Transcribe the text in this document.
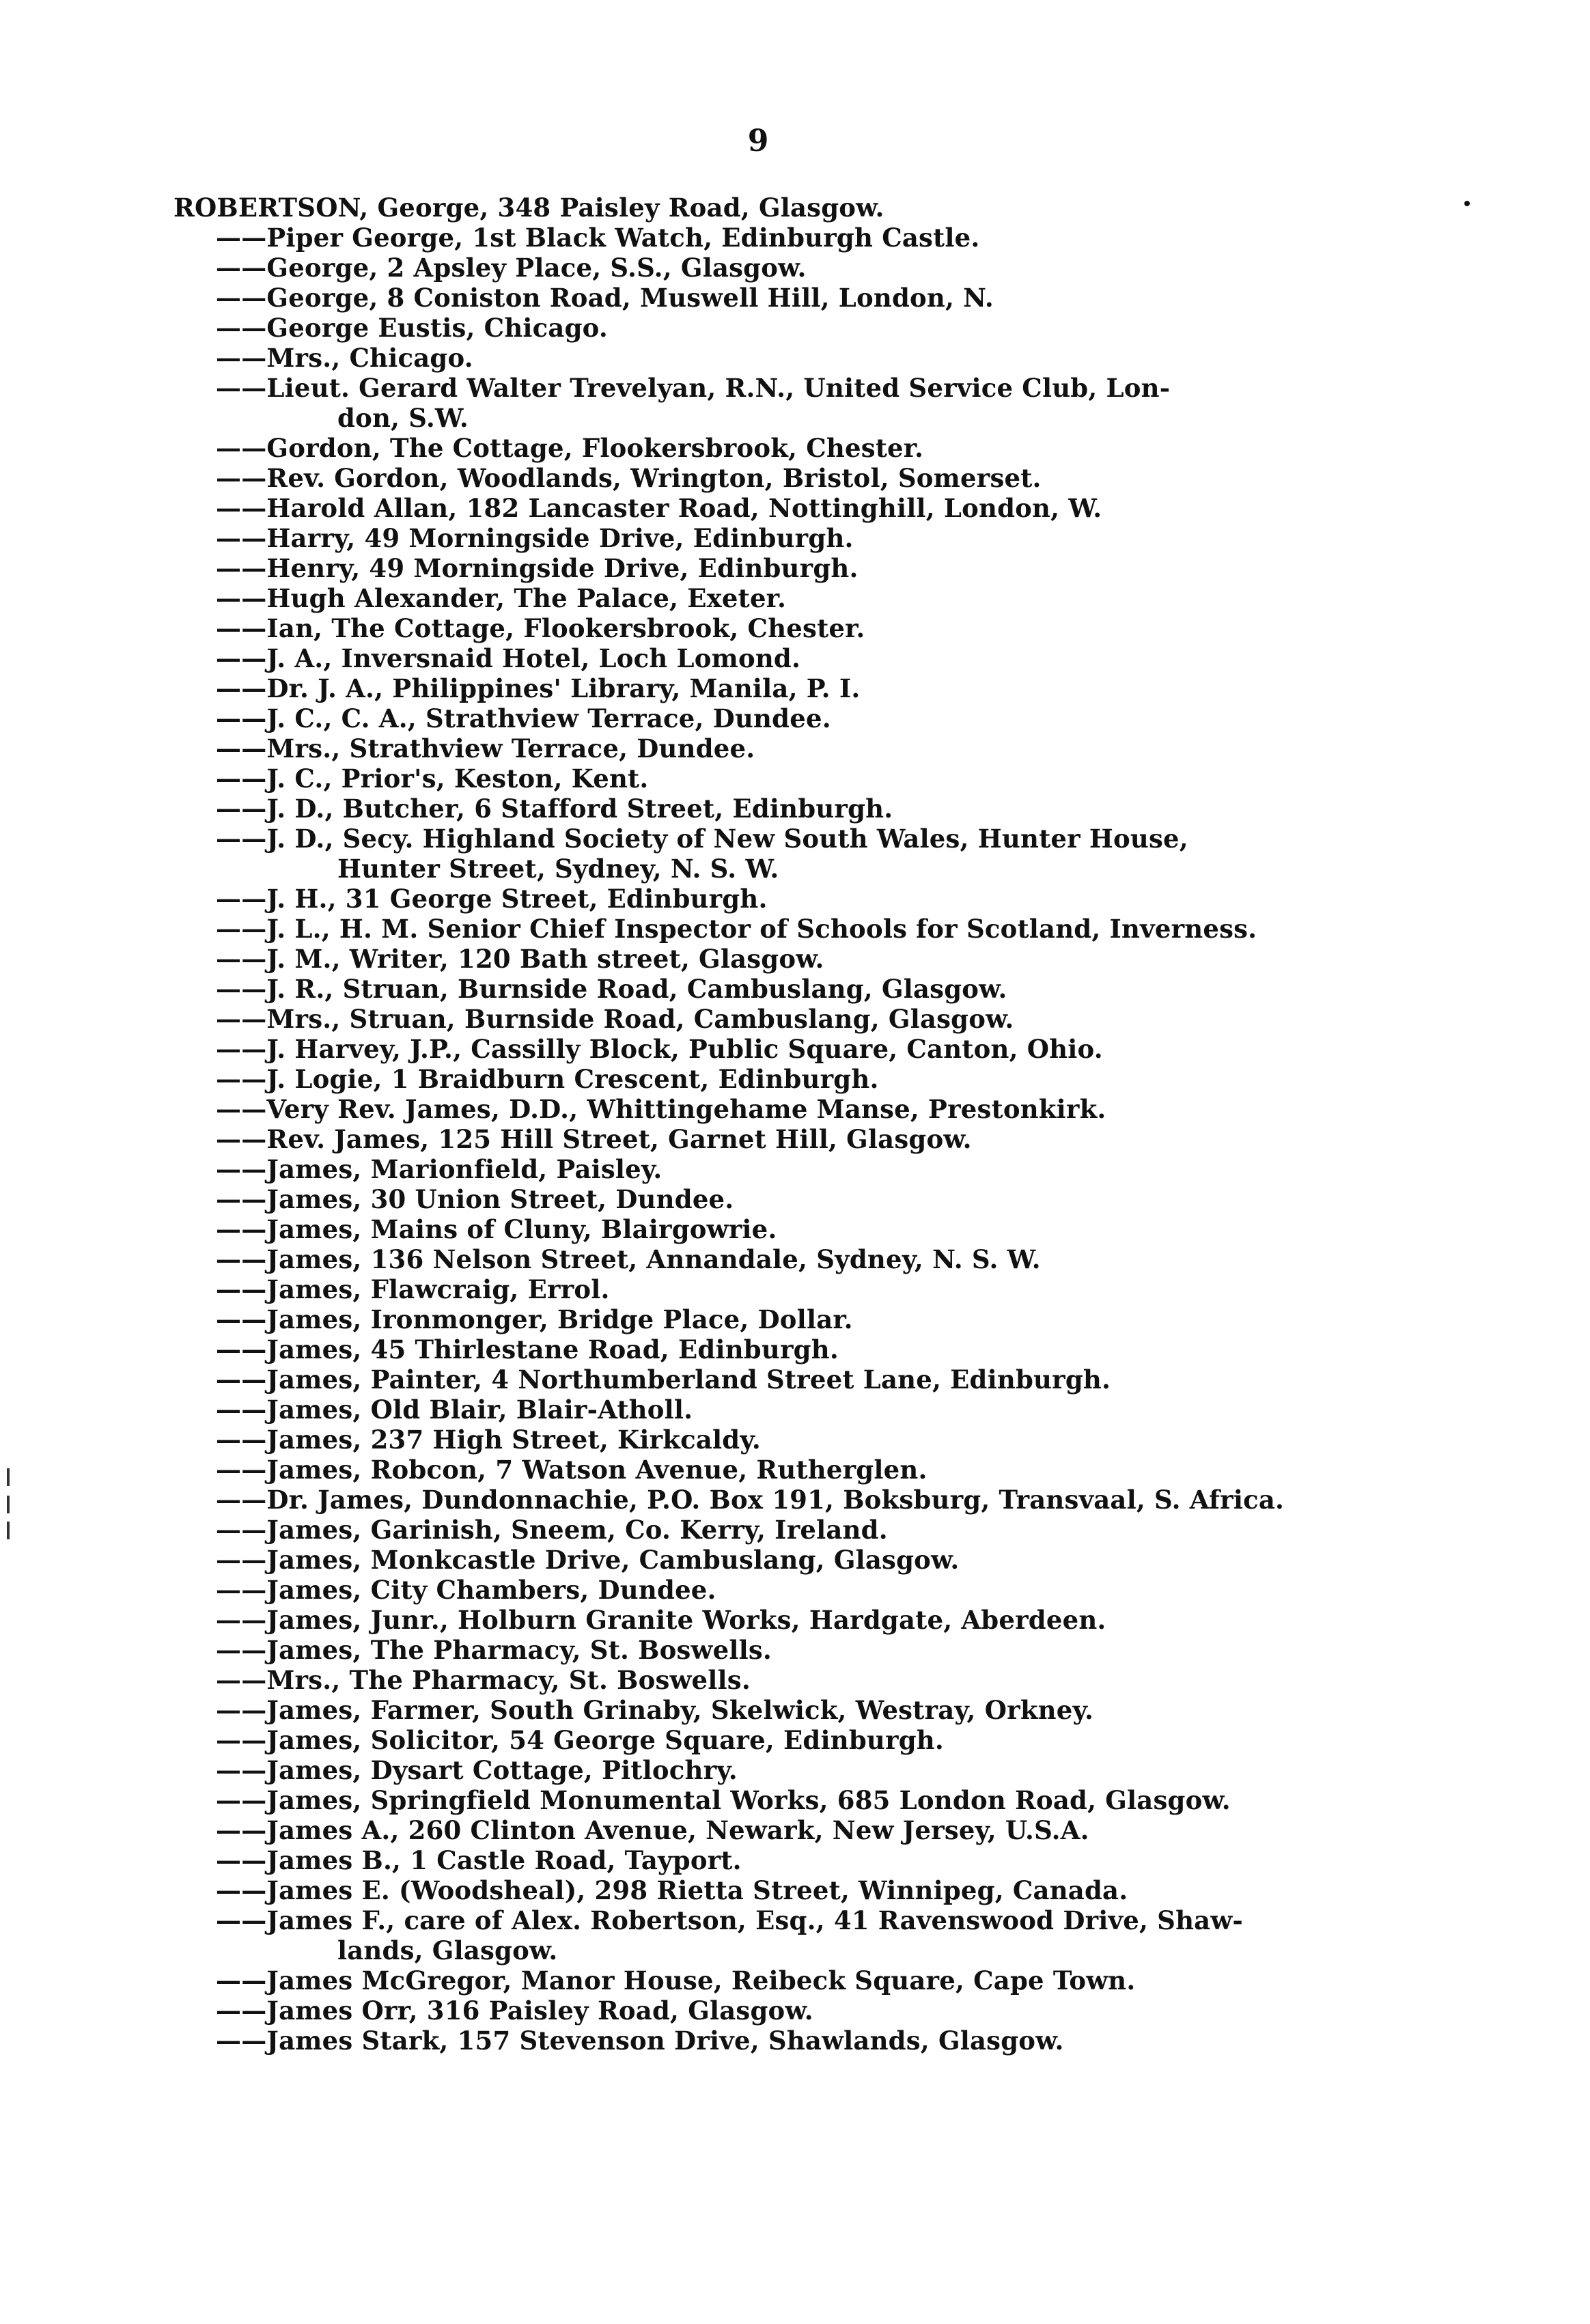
9
ROBERTSON, George, 348 Paisley Road, Glasgow.
——Piper George, 1st Black Watch, Edinburgh Castle.
——George, 2 Apsley Place, S.S., Glasgow.
——George, 8 Coniston Road, Muswell Hill, London, N.
——George Eustis, Chicago.
——Mrs., Chicago.
——Lieut. Gerard Walter Trevelyan, R.N., United Service Club, Lon-
don, S.W.
——Gordon, The Cottage, Flookersbrook, Chester.
——Rev. Gordon, Woodlands, Wrington, Bristol, Somerset.
——Harold Allan, 182 Lancaster Road, Nottinghill, London, W.
——Harry, 49 Morningside Drive, Edinburgh.
——Henry, 49 Morningside Drive, Edinburgh.
——Hugh Alexander, The Palace, Exeter.
——Ian, The Cottage, Flookersbrook, Chester.
——J. A., Inversnaid Hotel, Loch Lomond.
——Dr. J. A., Philippines' Library, Manila, P. I.
——J. C., C. A., Strathview Terrace, Dundee.
——Mrs., Strathview Terrace, Dundee.
——J. C., Prior's, Keston, Kent.
——J. D., Butcher, 6 Stafford Street, Edinburgh.
——J. D., Secy. Highland Society of New South Wales, Hunter House,
Hunter Street, Sydney, N. S. W.
——J. H., 31 George Street, Edinburgh.
——J. L., H. M. Senior Chief Inspector of Schools for Scotland, Inverness.
——J. M., Writer, 120 Bath street, Glasgow.
——J. R., Struan, Burnside Road, Cambuslang, Glasgow.
——Mrs., Struan, Burnside Road, Cambuslang, Glasgow.
——J. Harvey, J.P., Cassilly Block, Public Square, Canton, Ohio.
——J. Logie, 1 Braidburn Crescent, Edinburgh.
——Very Rev. James, D.D., Whittingehame Manse, Prestonkirk.
——Rev. James, 125 Hill Street, Garnet Hill, Glasgow.
——James, Marionfield, Paisley.
——James, 30 Union Street, Dundee.
——James, Mains of Cluny, Blairgowrie.
——James, 136 Nelson Street, Annandale, Sydney, N. S. W.
——James, Flawcraig, Errol.
——James, Ironmonger, Bridge Place, Dollar.
——James, 45 Thirlestane Road, Edinburgh.
——James, Painter, 4 Northumberland Street Lane, Edinburgh.
——James, Old Blair, Blair-Atholl.
——James, 237 High Street, Kirkcaldy.
——James, Robcon, 7 Watson Avenue, Rutherglen.
——Dr. James, Dundonnachie, P.O. Box 191, Boksburg, Transvaal, S. Africa.
——James, Garinish, Sneem, Co. Kerry, Ireland.
——James, Monkcastle Drive, Cambuslang, Glasgow.
——James, City Chambers, Dundee.
——James, Junr., Holburn Granite Works, Hardgate, Aberdeen.
——James, The Pharmacy, St. Boswells.
——Mrs., The Pharmacy, St. Boswells.
——James, Farmer, South Grinaby, Skelwick, Westray, Orkney.
——James, Solicitor, 54 George Square, Edinburgh.
——James, Dysart Cottage, Pitlochry.
——James, Springfield Monumental Works, 685 London Road, Glasgow.
——James A., 260 Clinton Avenue, Newark, New Jersey, U.S.A.
——James B., 1 Castle Road, Tayport.
——James E. (Woodsheal), 298 Rietta Street, Winnipeg, Canada.
——James F., care of Alex. Robertson, Esq., 41 Ravenswood Drive, Shaw-
lands, Glasgow.
——James McGregor, Manor House, Reibeck Square, Cape Town.
——James Orr, 316 Paisley Road, Glasgow.
——James Stark, 157 Stevenson Drive, Shawlands, Glasgow.
